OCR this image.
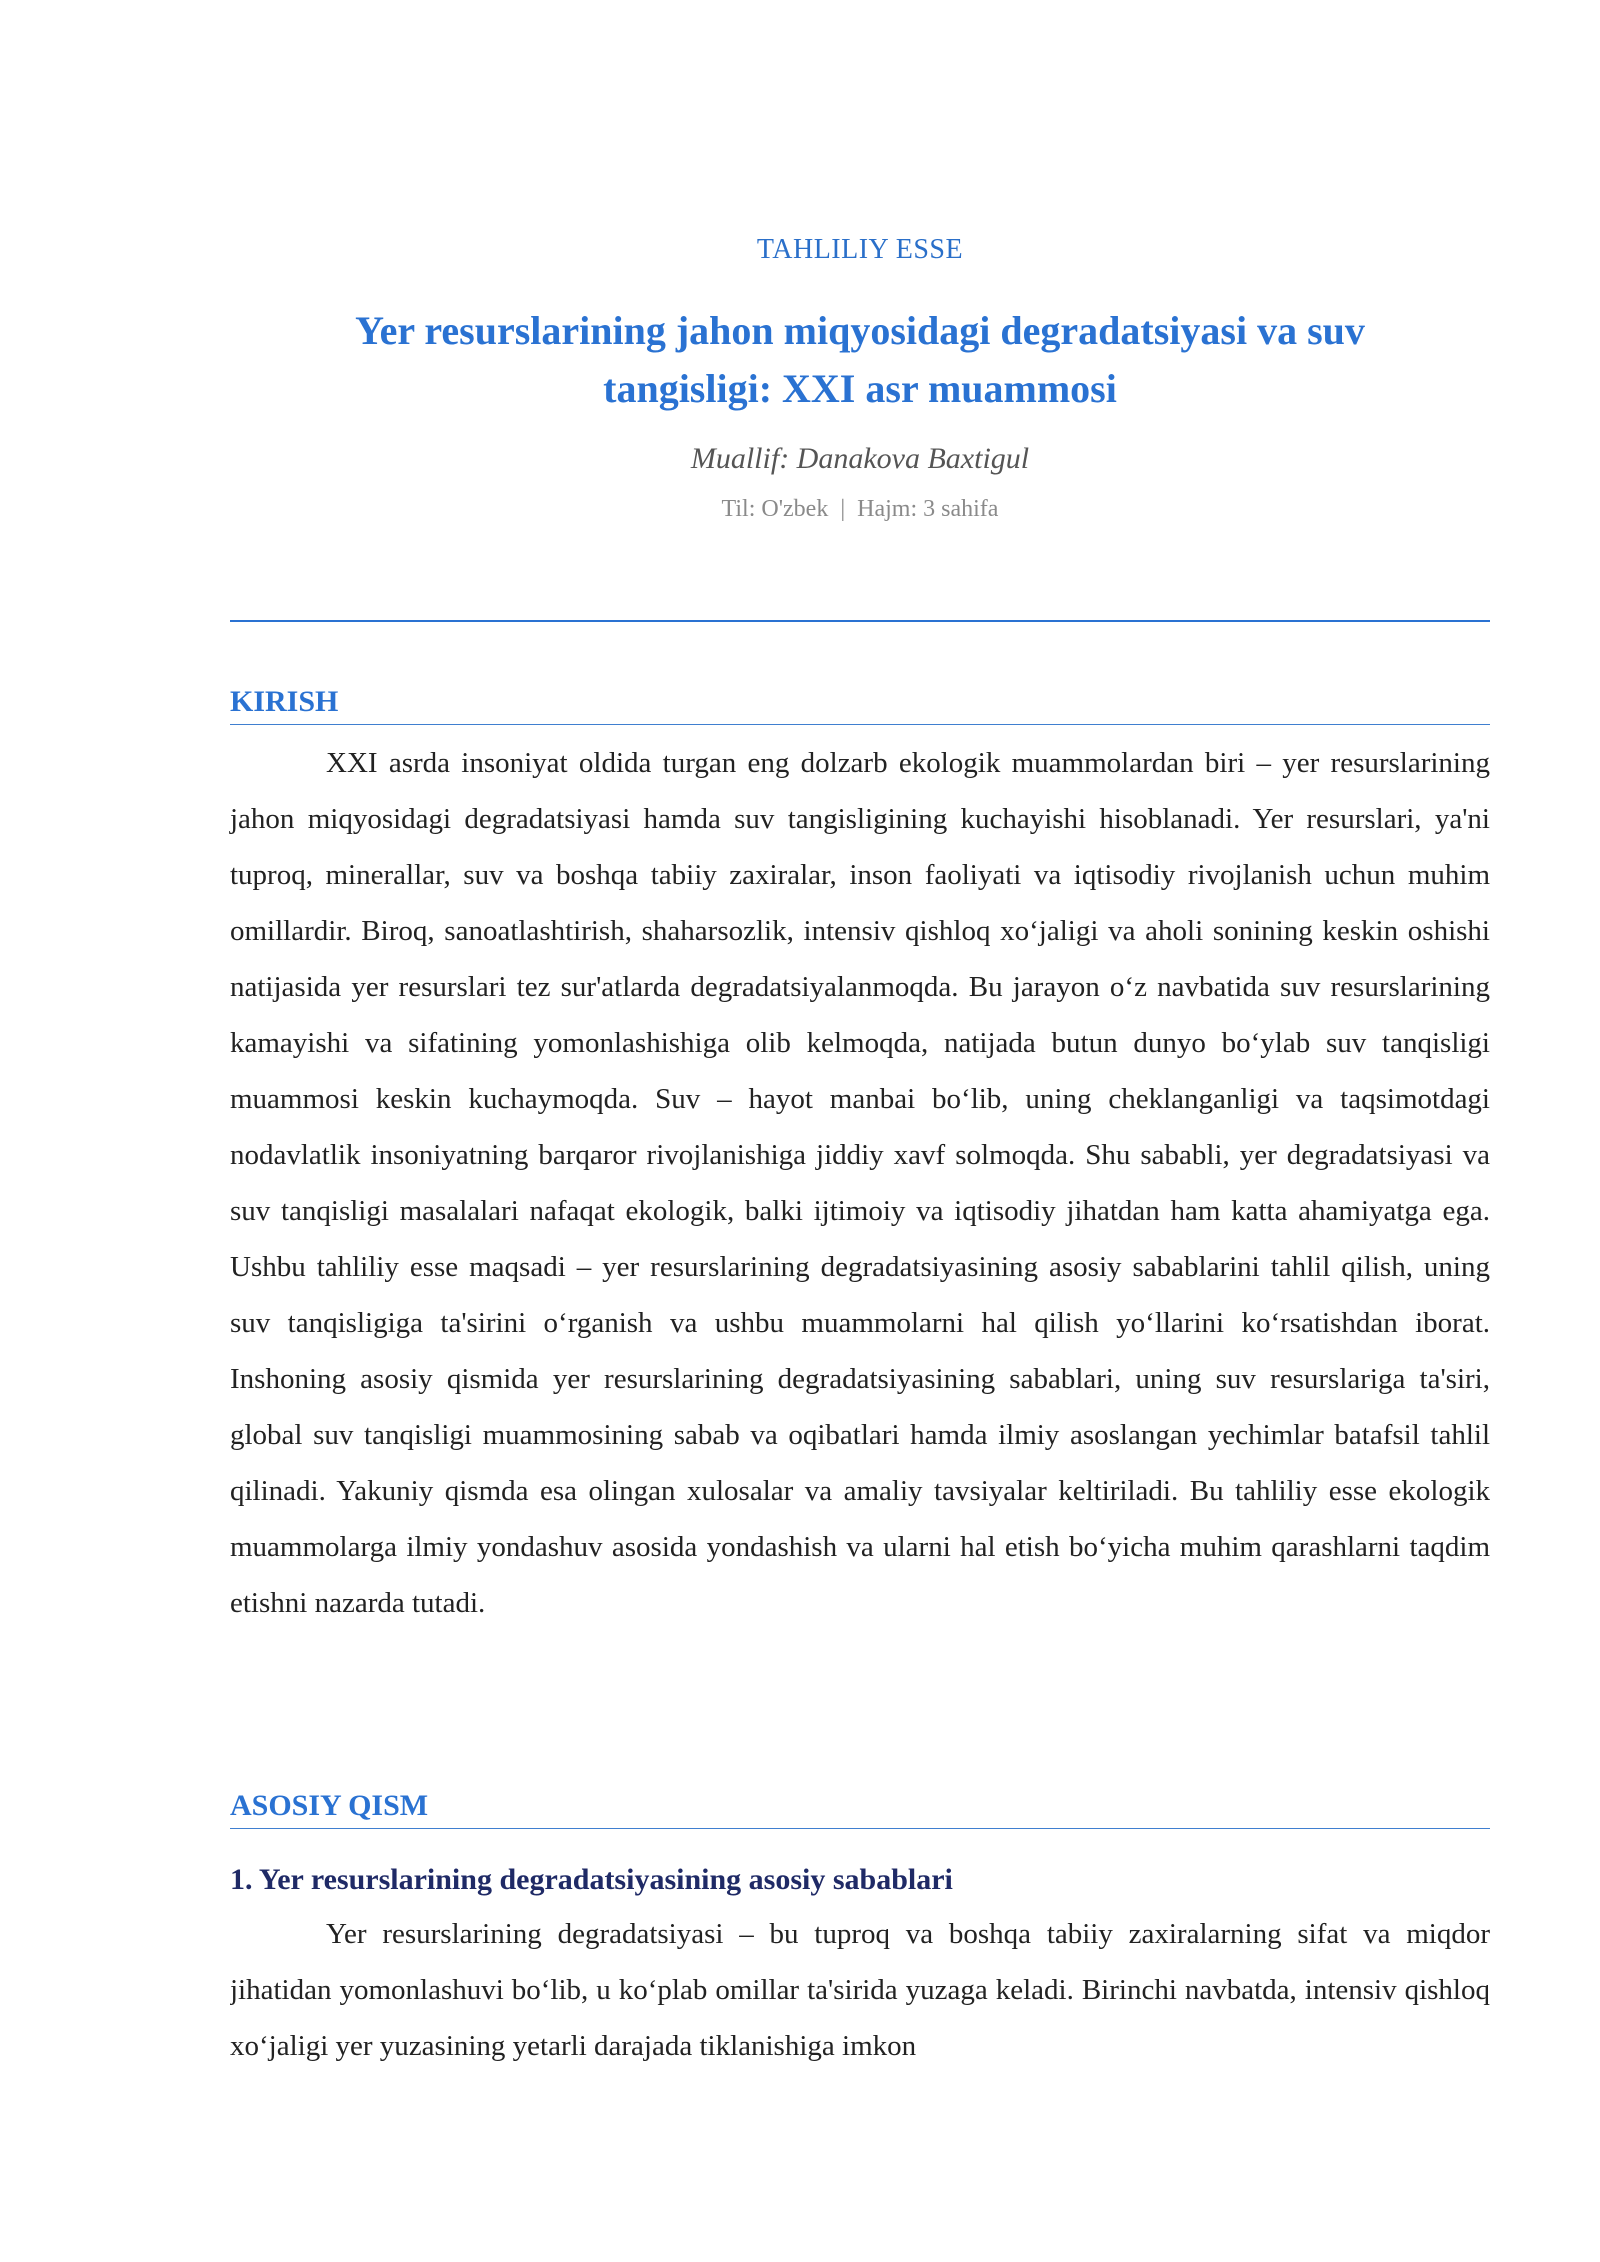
TAHLILIY ESSE
Yer resurslarining jahon miqyosidagi degradatsiyasi va suv
tangisligi: XXI asr muammosi
Muallif: Danakova Baxtigul
Til: O'zbek | Hajm: 3 sahifa
KIRISH

XXI asrda insoniyat oldida turgan eng dolzarb ekologik muammolardan biri – yer resurslarining jahon miqyosidagi degradatsiyasi hamda suv tangisligining kuchayishi hisoblanadi. Yer resurslari, ya'ni tuproq, minerallar, suv va boshqa tabiiy zaxiralar, inson faoliyati va iqtisodiy rivojlanish uchun muhim omillardir. Biroq, sanoatlashtirish, shaharsozlik, intensiv qishloq xo‘jaligi va aholi sonining keskin oshishi natijasida yer resurslari tez sur'atlarda degradatsiyalanmoqda. Bu jarayon o‘z navbatida suv resurslarining kamayishi va sifatining yomonlashishiga olib kelmoqda, natijada butun dunyo bo‘ylab suv tanqisligi muammosi keskin kuchaymoqda. Suv – hayot manbai bo‘lib, uning cheklanganligi va taqsimotdagi nodavlatlik insoniyatning barqaror rivojlanishiga jiddiy xavf solmoqda. Shu sababli, yer degradatsiyasi va suv tanqisligi masalalari nafaqat ekologik, balki ijtimoiy va iqtisodiy jihatdan ham katta ahamiyatga ega. Ushbu tahliliy esse maqsadi – yer resurslarining degradatsiyasining asosiy sabablarini tahlil qilish, uning suv tanqisligiga ta'sirini o‘rganish va ushbu muammolarni hal qilish yo‘llarini ko‘rsatishdan iborat. Inshoning asosiy qismida yer resurslarining degradatsiyasining sabablari, uning suv resurslariga ta'siri, global suv tanqisligi muammosining sabab va oqibatlari hamda ilmiy asoslangan yechimlar batafsil tahlil qilinadi. Yakuniy qismda esa olingan xulosalar va amaliy tavsiyalar keltiriladi. Bu tahliliy esse ekologik muammolarga ilmiy yondashuv asosida yondashish va ularni hal etish bo‘yicha muhim qarashlarni taqdim etishni nazarda tutadi.

ASOSIY QISM
1. Yer resurslarining degradatsiyasining asosiy sabablari

Yer resurslarining degradatsiyasi – bu tuproq va boshqa tabiiy zaxiralarning sifat va miqdor jihatidan yomonlashuvi bo‘lib, u ko‘plab omillar ta'sirida yuzaga keladi. Birinchi navbatda, intensiv qishloq xo‘jaligi yer yuzasining yetarli darajada tiklanishiga imkon
